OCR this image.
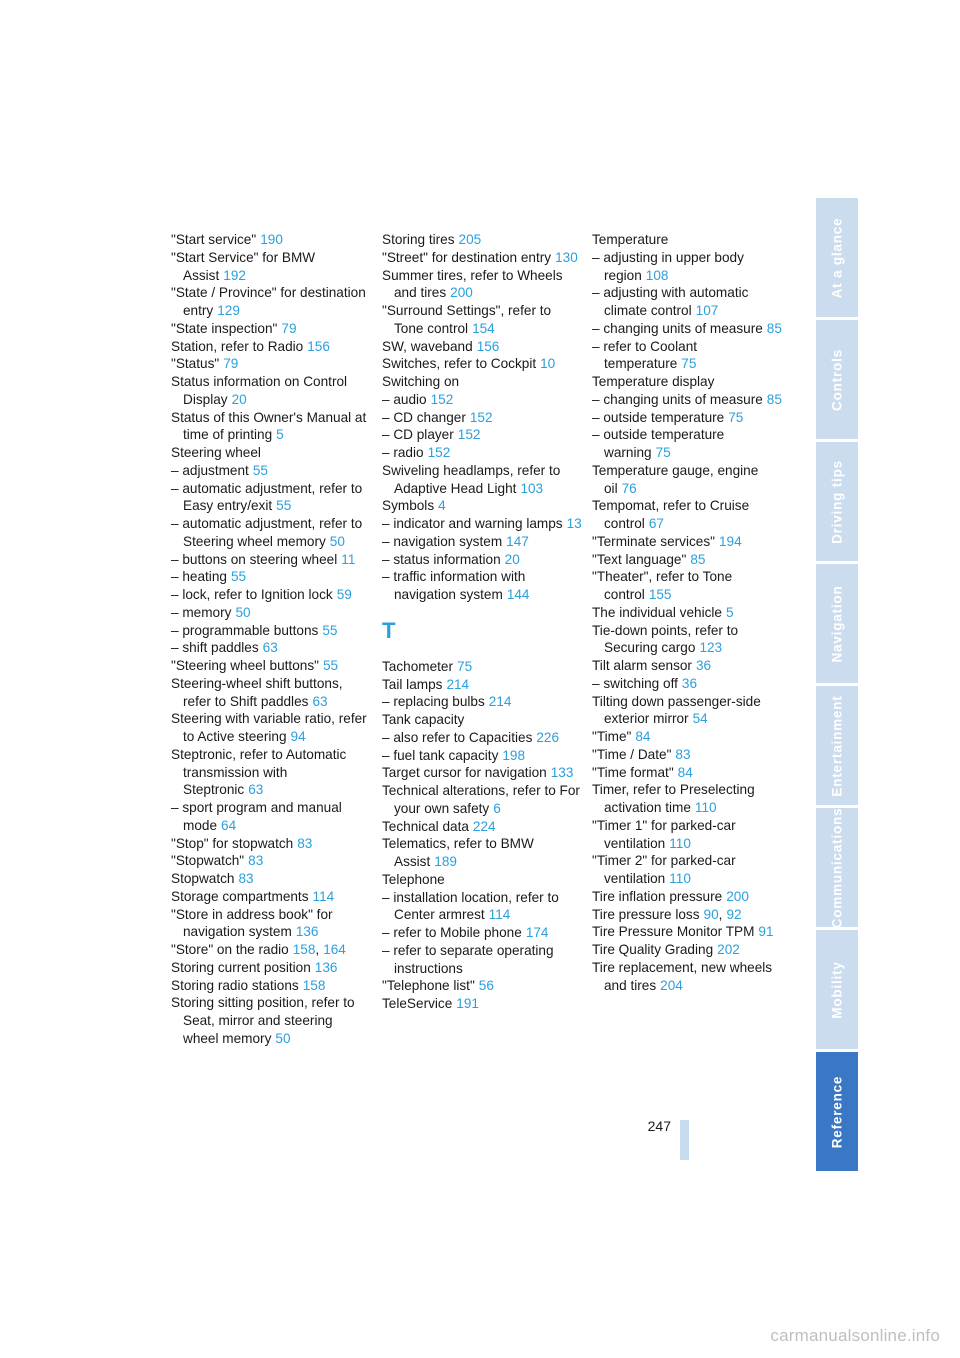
"Start service" 190
"Start Service" for BMW Assist 192
"State / Province" for destination entry 129
"State inspection" 79
Station, refer to Radio 156
"Status" 79
Status information on Control Display 20
Status of this Owner's Manual at time of printing 5
Steering wheel
– adjustment 55
– automatic adjustment, refer to Easy entry/exit 55
– automatic adjustment, refer to Steering wheel memory 50
– buttons on steering wheel 11
– heating 55
– lock, refer to Ignition lock 59
– memory 50
– programmable buttons 55
– shift paddles 63
"Steering wheel buttons" 55
Steering-wheel shift buttons, refer to Shift paddles 63
Steering with variable ratio, refer to Active steering 94
Steptronic, refer to Automatic transmission with Steptronic 63
– sport program and manual mode 64
"Stop" for stopwatch 83
"Stopwatch" 83
Stopwatch 83
Storage compartments 114
"Store in address book" for navigation system 136
"Store" on the radio 158, 164
Storing current position 136
Storing radio stations 158
Storing sitting position, refer to Seat, mirror and steering wheel memory 50
Storing tires 205
"Street" for destination entry 130
Summer tires, refer to Wheels and tires 200
"Surround Settings", refer to Tone control 154
SW, waveband 156
Switches, refer to Cockpit 10
Switching on
– audio 152
– CD changer 152
– CD player 152
– radio 152
Swiveling headlamps, refer to Adaptive Head Light 103
Symbols 4
– indicator and warning lamps 13
– navigation system 147
– status information 20
– traffic information with navigation system 144
T
Tachometer 75
Tail lamps 214
– replacing bulbs 214
Tank capacity
– also refer to Capacities 226
– fuel tank capacity 198
Target cursor for navigation 133
Technical alterations, refer to For your own safety 6
Technical data 224
Telematics, refer to BMW Assist 189
Telephone
– installation location, refer to Center armrest 114
– refer to Mobile phone 174
– refer to separate operating instructions
"Telephone list" 56
TeleService 191
Temperature
– adjusting in upper body region 108
– adjusting with automatic climate control 107
– changing units of measure 85
– refer to Coolant temperature 75
Temperature display
– changing units of measure 85
– outside temperature 75
– outside temperature warning 75
Temperature gauge, engine oil 76
Tempomat, refer to Cruise control 67
"Terminate services" 194
"Text language" 85
"Theater", refer to Tone control 155
The individual vehicle 5
Tie-down points, refer to Securing cargo 123
Tilt alarm sensor 36
– switching off 36
Tilting down passenger-side exterior mirror 54
"Time" 84
"Time / Date" 83
"Time format" 84
Timer, refer to Preselecting activation time 110
"Timer 1" for parked-car ventilation 110
"Timer 2" for parked-car ventilation 110
Tire inflation pressure 200
Tire pressure loss 90, 92
Tire Pressure Monitor TPM 91
Tire Quality Grading 202
Tire replacement, new wheels and tires 204
At a glance
Controls
Driving tips
Navigation
Entertainment
Communications
Mobility
Reference
247
carmanualsonline.info
